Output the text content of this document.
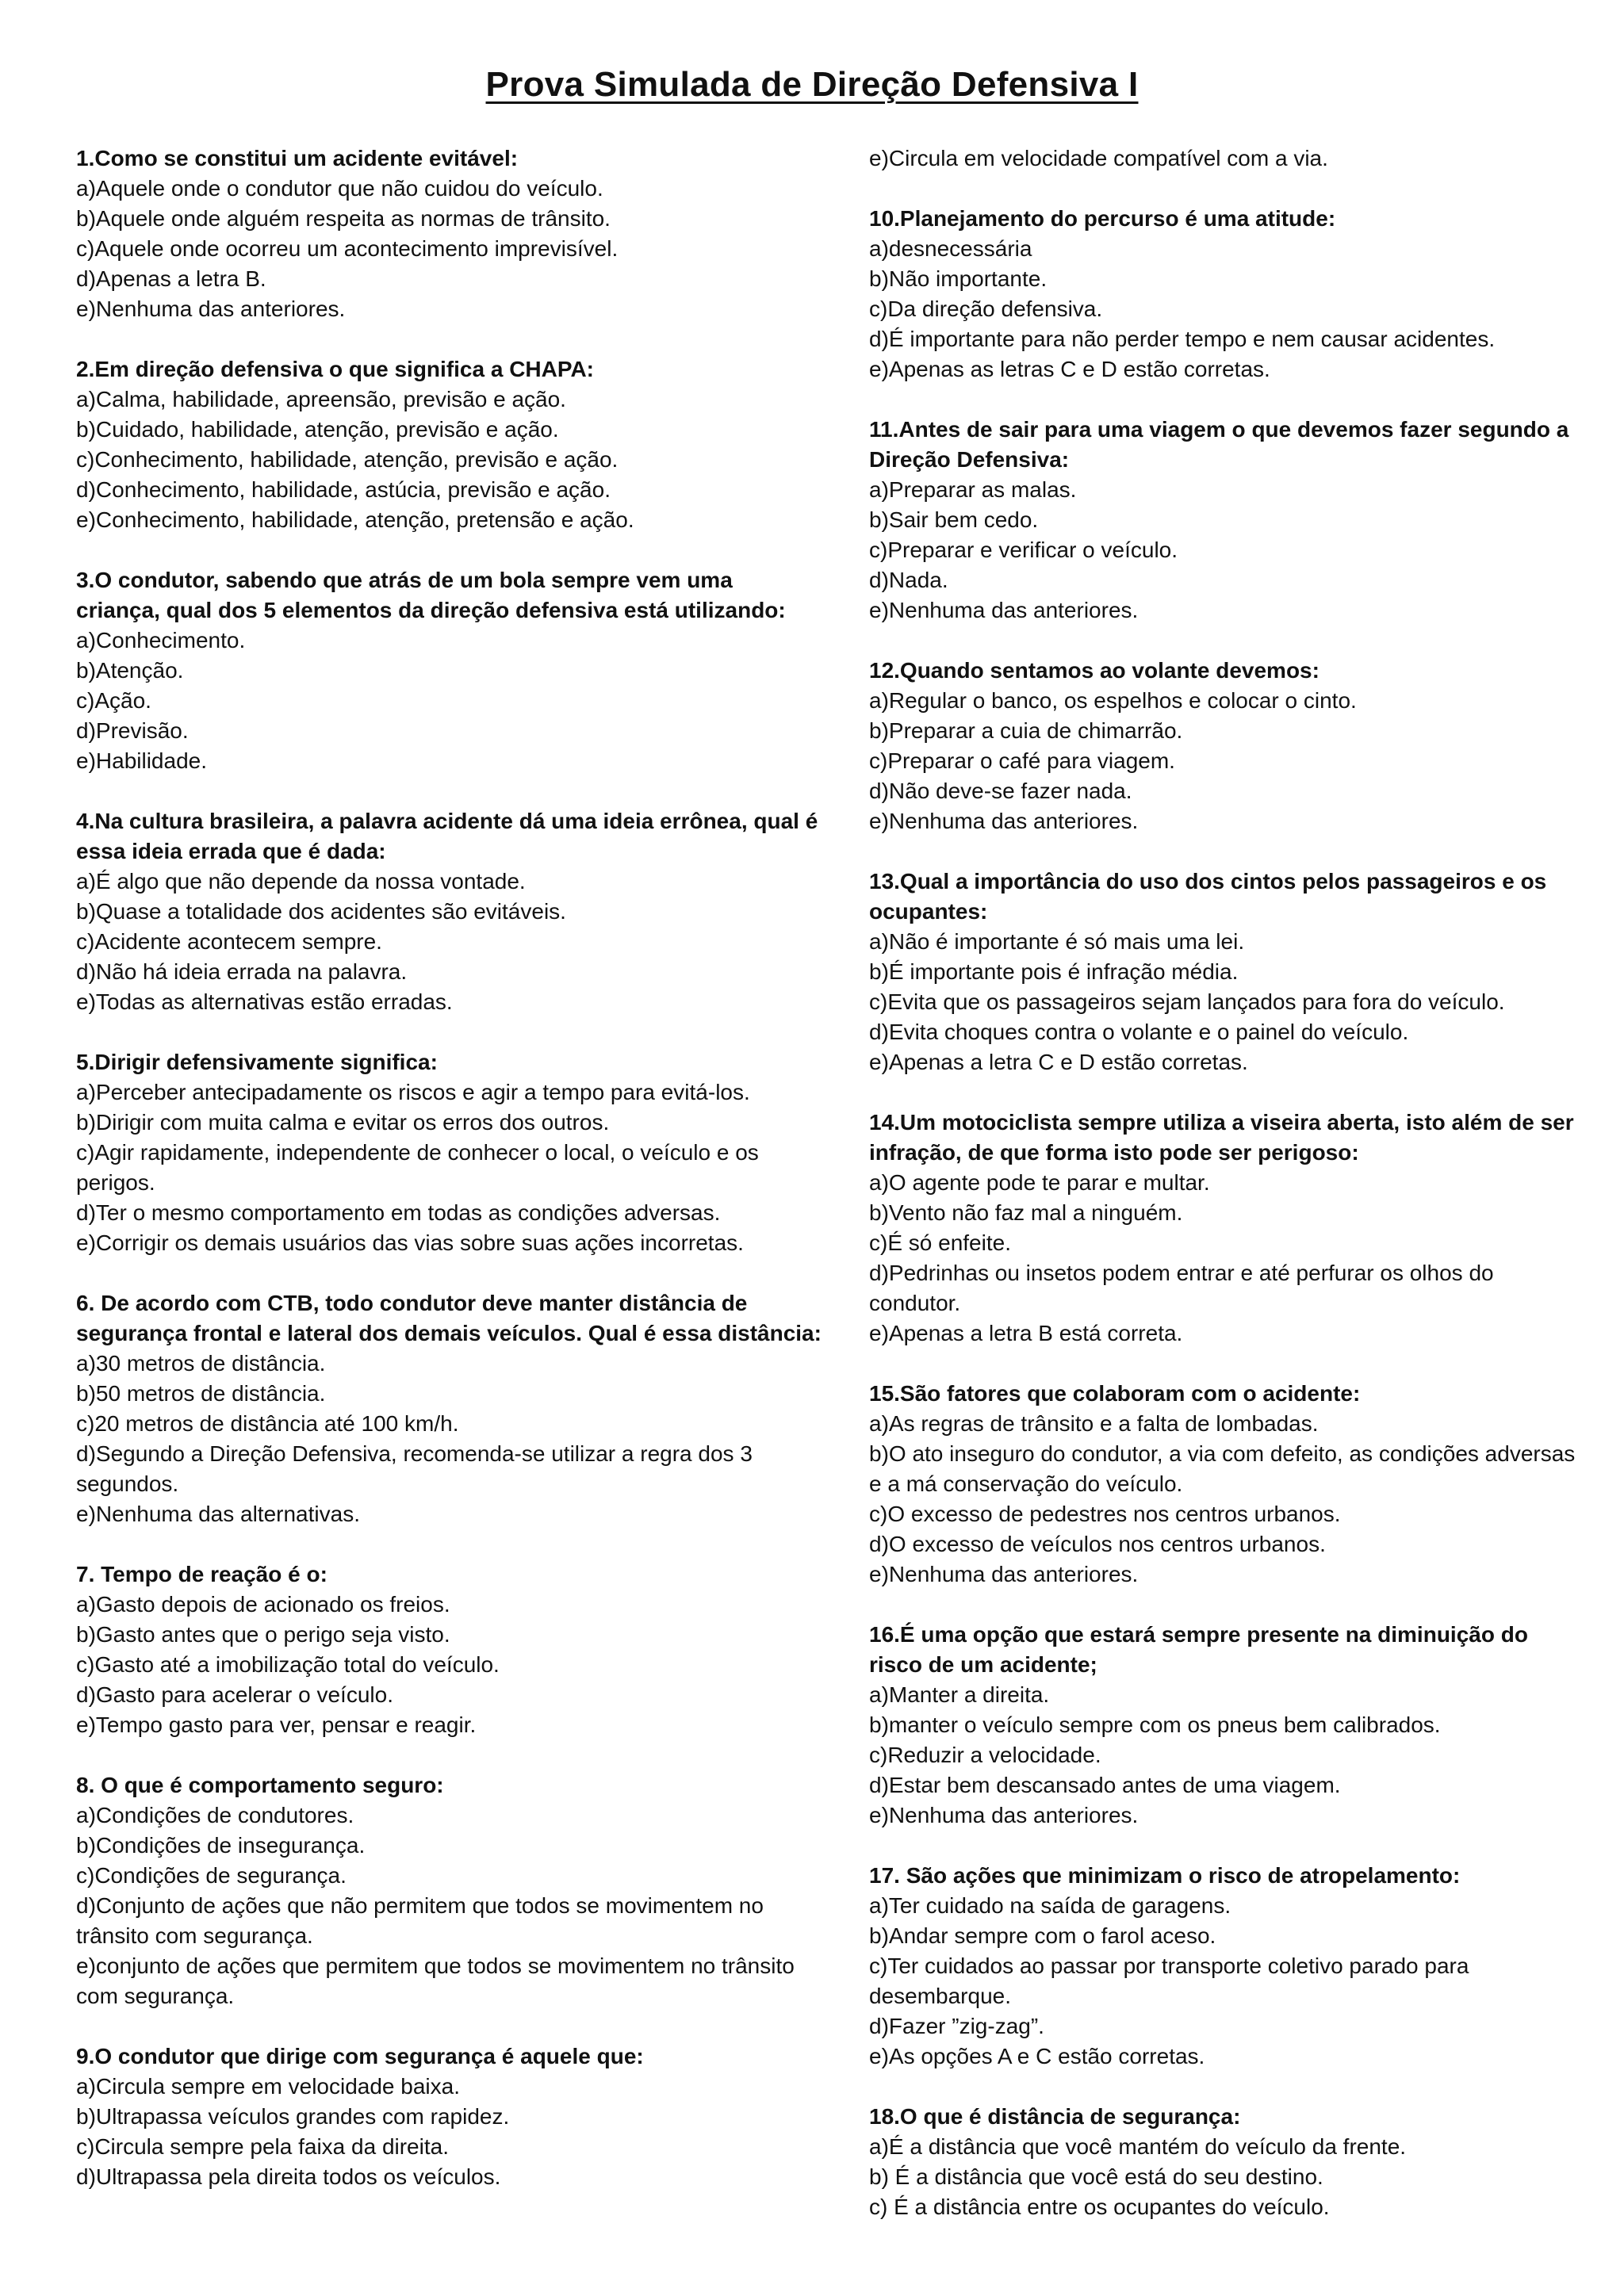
Prova Simulada de Direção Defensiva I
1.Como se constitui um acidente evitável:
a)Aquele onde o condutor que não cuidou do veículo.
b)Aquele onde alguém respeita as normas de trânsito.
c)Aquele onde ocorreu um acontecimento imprevisível.
d)Apenas a letra B.
e)Nenhuma das anteriores.
2.Em direção defensiva o que significa a CHAPA:
a)Calma, habilidade, apreensão, previsão e ação.
b)Cuidado, habilidade, atenção, previsão e ação.
c)Conhecimento, habilidade, atenção, previsão e ação.
d)Conhecimento, habilidade, astúcia, previsão e ação.
e)Conhecimento, habilidade, atenção, pretensão e ação.
3.O condutor, sabendo que atrás de um bola sempre vem uma criança, qual dos 5 elementos da direção defensiva está utilizando:
a)Conhecimento.
b)Atenção.
c)Ação.
d)Previsão.
e)Habilidade.
4.Na cultura brasileira, a palavra acidente dá uma ideia errônea, qual é essa ideia errada que é dada:
a)É algo que não depende da nossa vontade.
b)Quase a totalidade dos acidentes são evitáveis.
c)Acidente acontecem sempre.
d)Não há ideia errada na palavra.
e)Todas as alternativas estão erradas.
5.Dirigir defensivamente significa:
a)Perceber antecipadamente os riscos e agir a tempo para evitá-los.
b)Dirigir com muita calma e evitar os erros dos outros.
c)Agir rapidamente, independente de conhecer o local, o veículo e os perigos.
d)Ter o mesmo comportamento em todas as condições adversas.
e)Corrigir os demais usuários das vias sobre suas ações incorretas.
6. De acordo com CTB, todo condutor deve manter distância de segurança frontal e lateral dos demais veículos. Qual é essa distância:
a)30 metros de distância.
b)50 metros de distância.
c)20 metros de distância até 100 km/h.
d)Segundo a Direção Defensiva, recomenda-se utilizar a regra dos 3 segundos.
e)Nenhuma das alternativas.
7. Tempo de reação é o:
a)Gasto depois de acionado os freios.
b)Gasto antes que o perigo seja visto.
c)Gasto até a imobilização total do veículo.
d)Gasto para acelerar o veículo.
e)Tempo gasto para ver, pensar e reagir.
8. O que é comportamento seguro:
a)Condições de condutores.
b)Condições de insegurança.
c)Condições de segurança.
d)Conjunto de ações que não permitem que todos se movimentem no trânsito com segurança.
e)conjunto de ações que permitem que todos se movimentem no trânsito com segurança.
9.O condutor que dirige com segurança é aquele que:
a)Circula sempre em velocidade baixa.
b)Ultrapassa veículos grandes com rapidez.
c)Circula sempre pela faixa da direita.
d)Ultrapassa pela direita todos os veículos.
e)Circula em velocidade compatível com a via.
10.Planejamento do percurso é uma atitude:
a)desnecessária
b)Não importante.
c)Da direção defensiva.
d)É importante para não perder tempo e nem causar acidentes.
e)Apenas as letras C e D estão corretas.
11.Antes de sair para uma viagem o que devemos fazer segundo a Direção Defensiva:
a)Preparar as malas.
b)Sair bem cedo.
c)Preparar e verificar o veículo.
d)Nada.
e)Nenhuma das anteriores.
12.Quando sentamos ao volante devemos:
a)Regular o banco, os espelhos e colocar o cinto.
b)Preparar a cuia de chimarrão.
c)Preparar o café para viagem.
d)Não deve-se fazer nada.
e)Nenhuma das anteriores.
13.Qual a importância do uso dos cintos pelos passageiros e os ocupantes:
a)Não é importante é só mais uma lei.
b)É importante pois é infração média.
c)Evita que os passageiros sejam lançados para fora do veículo.
d)Evita choques contra o volante e o painel do veículo.
e)Apenas a letra C e D estão corretas.
14.Um motociclista sempre utiliza a viseira aberta, isto além de ser infração, de que forma isto pode ser perigoso:
a)O agente pode te parar e multar.
b)Vento não faz mal a ninguém.
c)É só enfeite.
d)Pedrinhas ou insetos podem entrar e até perfurar os olhos do condutor.
e)Apenas a letra B está correta.
15.São fatores que colaboram com o acidente:
a)As regras de trânsito e a falta de lombadas.
b)O ato inseguro do condutor, a via com defeito, as condições adversas e a má conservação do veículo.
c)O excesso de pedestres nos centros urbanos.
d)O excesso de veículos nos centros urbanos.
e)Nenhuma das anteriores.
16.É uma opção que estará sempre presente na diminuição do risco de um acidente;
a)Manter a direita.
b)manter o veículo sempre com os pneus bem calibrados.
c)Reduzir a velocidade.
d)Estar bem descansado antes de uma viagem.
e)Nenhuma das anteriores.
17. São ações que minimizam o risco de atropelamento:
a)Ter cuidado na saída de garagens.
b)Andar sempre com o farol aceso.
c)Ter cuidados ao passar por transporte coletivo parado para desembarque.
d)Fazer ”zig-zag”.
e)As opções A e C estão corretas.
18.O que é distância de segurança:
a)É a distância que você mantém do veículo da frente.
b) É a distância que você está do seu destino.
c) É a distância entre os ocupantes do veículo.
